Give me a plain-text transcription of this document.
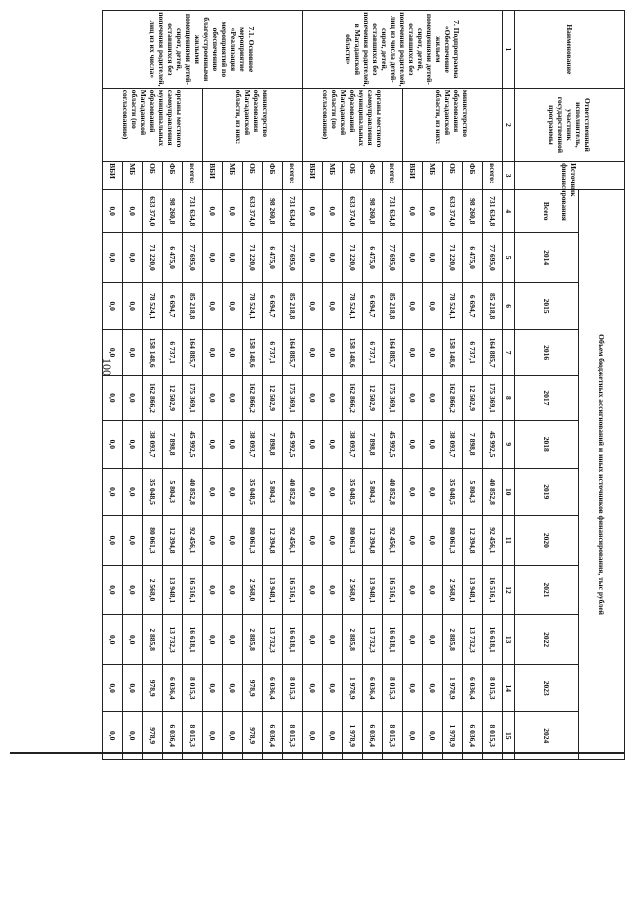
100
Наименование	Ответственный исполнитель, участник государственной программы	Источник финансирования	Объем бюджетных ассигнований и иных источников финансирования, тыс рублей											
			Всего	2014	2015	2016	2017	2018	2019	2020	2021	2022	2023	2024
1	2	3	4	5	6	7	8	9	10	11	12	13	14	15
7. Подпрограмма «Обеспечение жильем помещениями детей-сирот, детей, оставшихся без попечения родителей, лиц из числа детей-сирот, детей, оставшихся без попечения родителей, в Магаданской области»	министерство образования Магаданской области, из них:	всего:	731 634,8	77 695,0	85 218,8	164 885,7	175 369,1	45 992,5	40 852,8	92 456,1	16 516,1	16 618,1	8 015,3	8 015,3
		ФБ	98 260,8	6 475,0	6 694,7	6 737,1	12 502,9	7 898,8	5 804,3	12 394,8	13 948,1	13 732,3	6 036,4	6 036,4
		ОБ	633 374,0	71 220,0	78 524,1	158 148,6	162 866,2	38 093,7	35 048,5	80 061,3	2 568,0	2 885,8	1 978,9	1 978,9
		МБ	0,0	0,0	0,0	0,0	0,0	0,0	0,0	0,0	0,0	0,0	0,0	0,0
		ВБИ	0,0	0,0	0,0	0,0	0,0	0,0	0,0	0,0	0,0	0,0	0,0	0,0
	органы местного самоуправления муниципальных образований Магаданской области (по согласованию)	всего:	731 634,8	77 695,0	85 218,8	164 885,7	175 369,1	45 992,5	40 852,8	92 456,1	16 516,1	16 618,1	8 015,3	8 015,3
		ФБ	98 260,8	6 475,0	6 694,7	6 737,1	12 502,9	7 898,8	5 804,3	12 394,8	13 948,1	13 732,3	6 036,4	6 036,4
		ОБ	633 374,0	71 220,0	78 524,1	158 148,6	162 866,2	38 093,7	35 048,5	80 061,3	2 568,0	2 885,8	1 978,9	1 978,9
		МБ	0,0	0,0	0,0	0,0	0,0	0,0	0,0	0,0	0,0	0,0	0,0	0,0
		ВБИ	0,0	0,0	0,0	0,0	0,0	0,0	0,0	0,0	0,0	0,0	0,0	0,0
7.1. Основное мероприятие «Реализация мероприятий по обеспечению благоустроенными жилыми помещениями детей-сирот, детей, оставшихся без попечения родителей, лиц из их числа»	министерство образования Магаданской области, из них:	всего:	731 634,8	77 695,0	85 218,8	164 885,7	175 369,1	45 992,5	40 852,8	92 456,1	16 516,1	16 618,1	8 015,3	8 015,3
		ФБ	98 260,8	6 475,0	6 694,7	6 737,1	12 502,9	7 898,8	5 804,3	12 394,8	13 948,1	13 732,3	6 036,4	6 036,4
		ОБ	633 374,0	71 220,0	78 524,1	158 148,6	162 866,2	38 093,7	35 048,5	80 061,3	2 568,0	2 885,8	978,9	978,9
		МБ	0,0	0,0	0,0	0,0	0,0	0,0	0,0	0,0	0,0	0,0	0,0	0,0
		ВБИ	0,0	0,0	0,0	0,0	0,0	0,0	0,0	0,0	0,0	0,0	0,0	0,0
	органы местного самоуправления муниципальных образований Магаданской области (по согласованию)	всего:	731 634,8	77 695,0	85 218,8	164 885,7	175 369,1	45 992,5	40 852,8	92 456,1	16 516,1	16 618,1	8 015,3	8 015,3
		ФБ	98 260,8	6 475,0	6 694,7	6 737,1	12 502,9	7 898,8	5 804,3	12 394,8	13 948,1	13 732,3	6 036,4	6 036,4
		ОБ	633 374,0	71 220,0	78 524,1	158 148,6	162 866,2	38 093,7	35 048,5	80 061,3	2 568,0	2 885,8	978,9	978,9
		МБ	0,0	0,0	0,0	0,0	0,0	0,0	0,0	0,0	0,0	0,0	0,0	0,0
		ВБИ	0,0	0,0	0,0	0,0	0,0	0,0	0,0	0,0	0,0	0,0	0,0	0,0
